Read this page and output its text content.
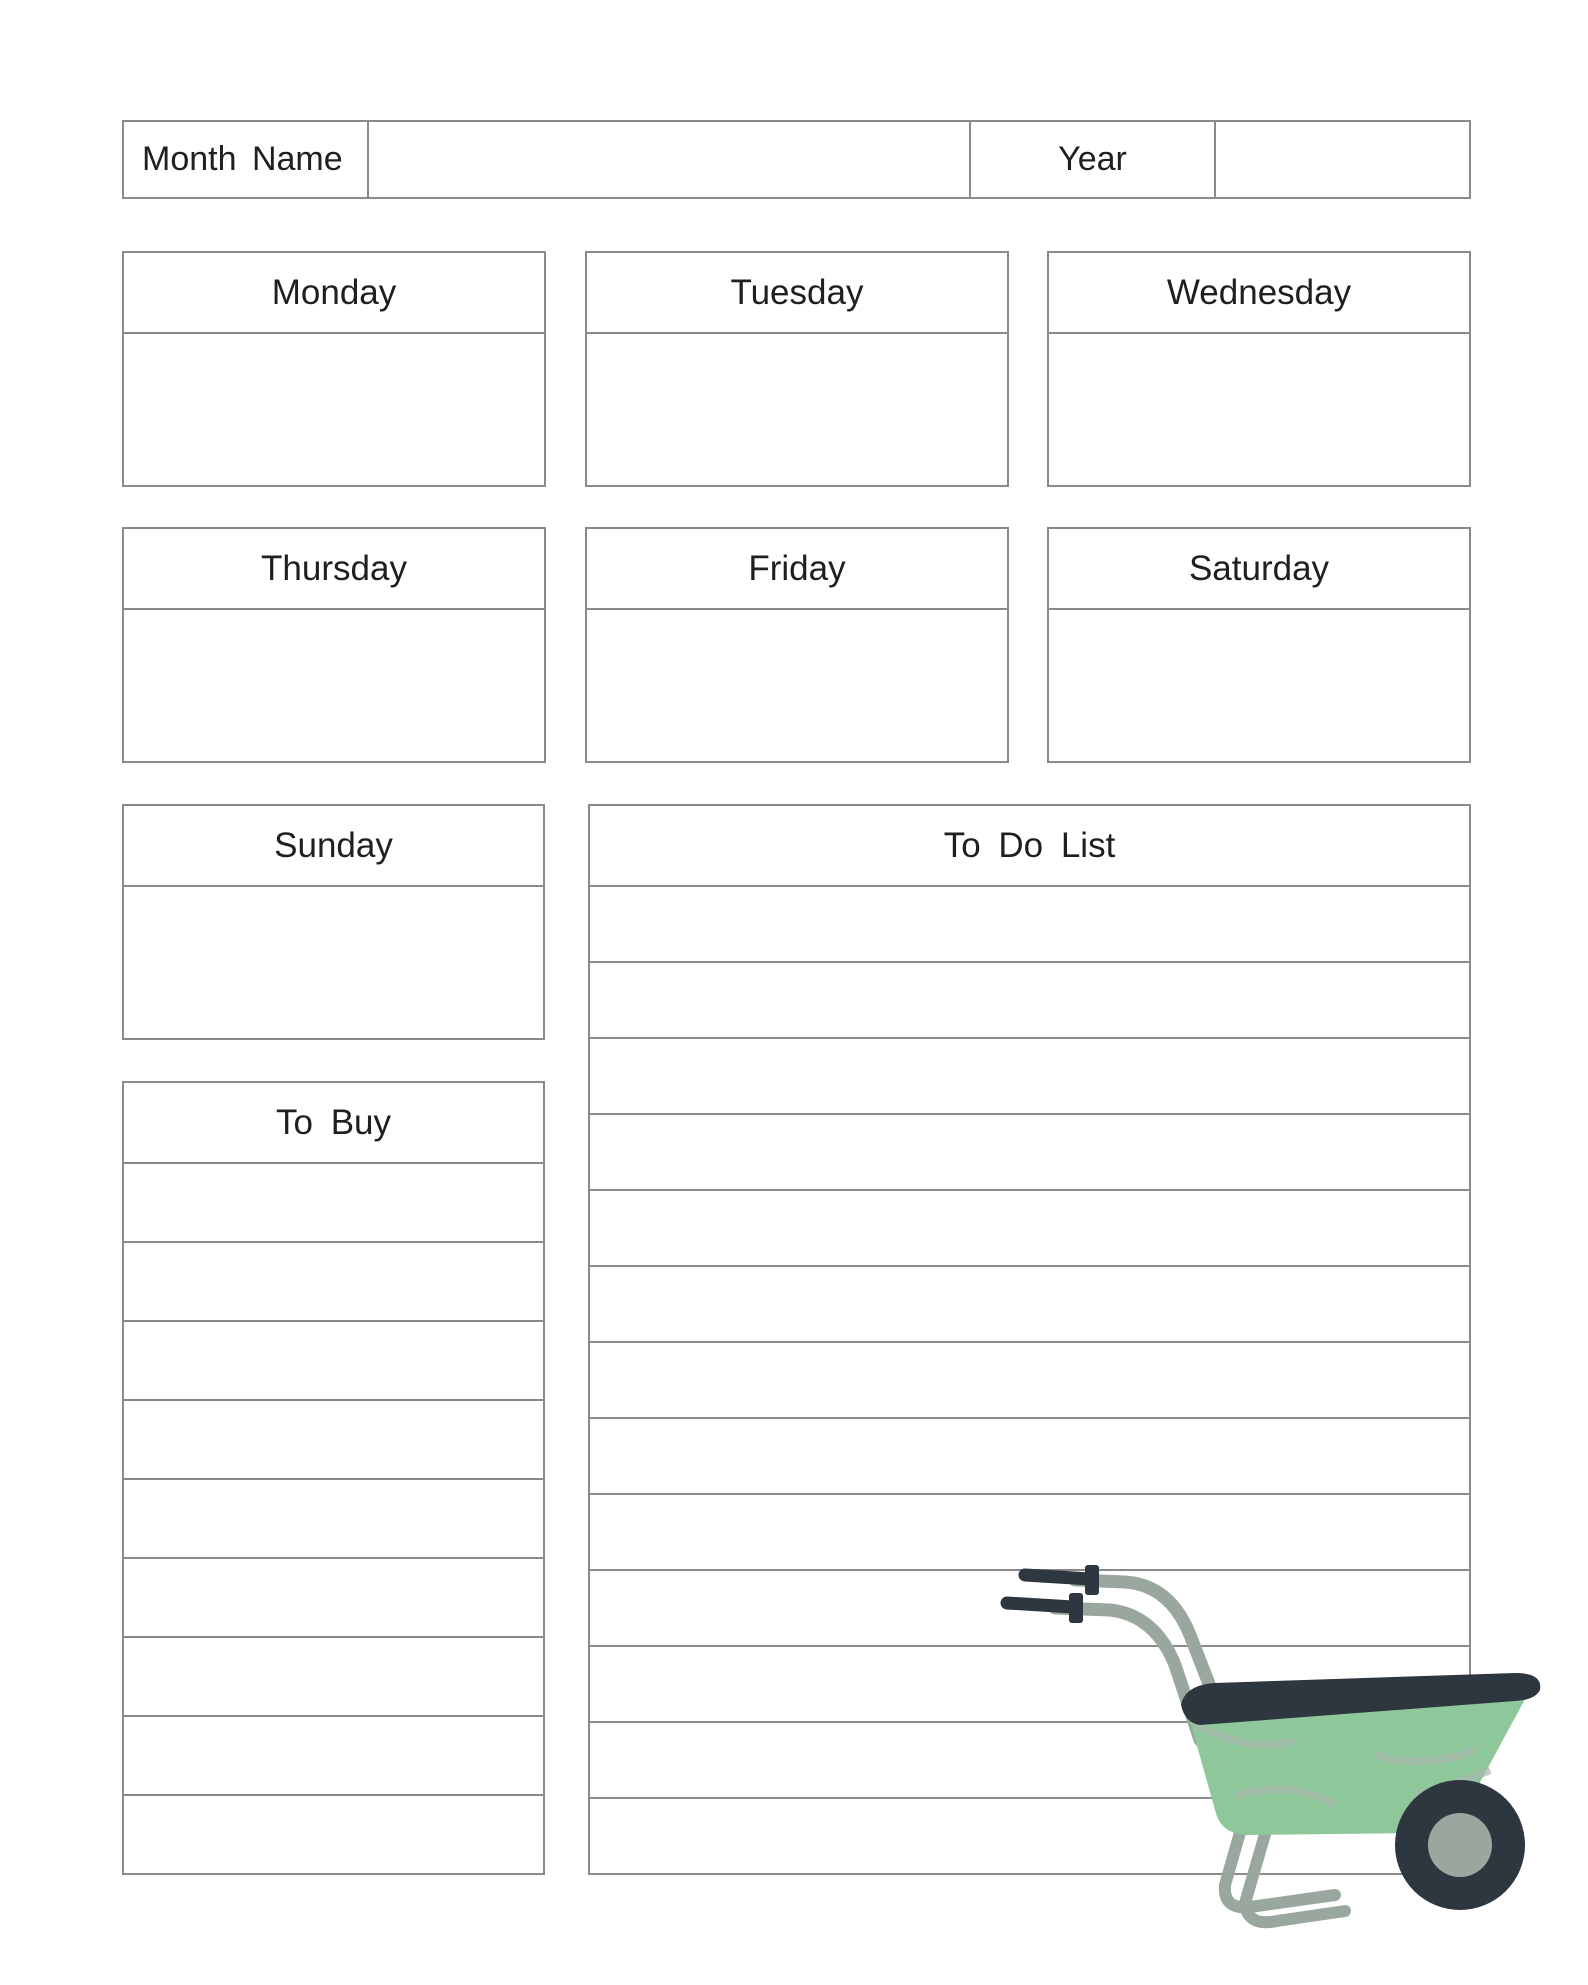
Month Name	Year
Monday	Tuesday	Wednesday
Thursday	Friday	Saturday
Sunday
To Buy
To Do List
